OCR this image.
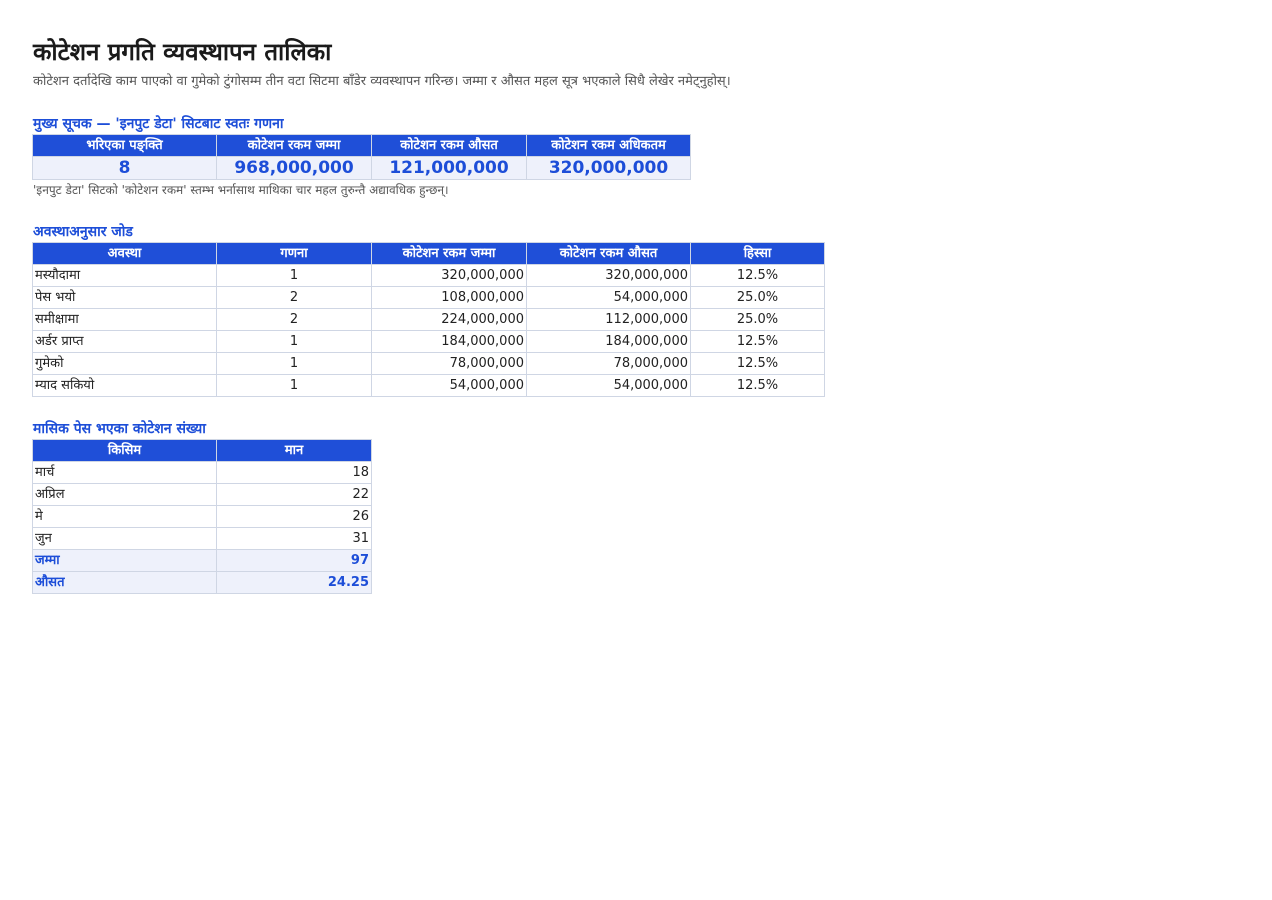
कोटेशन प्रगति व्यवस्थापन तालिका
कोटेशन दर्तादेखि काम पाएको वा गुमेको टुंगोसम्म तीन वटा सिटमा बाँडेर व्यवस्थापन गरिन्छ। जम्मा र औसत महल सूत्र भएकाले सिधै लेखेर नमेट्नुहोस्।
मुख्य सूचक — 'इनपुट डेटा' सिटबाट स्वतः गणना
भरिएका पङ्क्ति	कोटेशन रकम जम्मा	कोटेशन रकम औसत	कोटेशन रकम अधिकतम
8	968,000,000	121,000,000	320,000,000
'इनपुट डेटा' सिटको 'कोटेशन रकम' स्तम्भ भर्नासाथ माथिका चार महल तुरुन्तै अद्यावधिक हुन्छन्।
अवस्थाअनुसार जोड
अवस्था	गणना	कोटेशन रकम जम्मा	कोटेशन रकम औसत	हिस्सा
मस्यौदामा	1	320,000,000	320,000,000	12.5%
पेस भयो	2	108,000,000	54,000,000	25.0%
समीक्षामा	2	224,000,000	112,000,000	25.0%
अर्डर प्राप्त	1	184,000,000	184,000,000	12.5%
गुमेको	1	78,000,000	78,000,000	12.5%
म्याद सकियो	1	54,000,000	54,000,000	12.5%
मासिक पेस भएका कोटेशन संख्या
किसिम	मान
मार्च	18
अप्रिल	22
मे	26
जुन	31
जम्मा	97
औसत	24.25
